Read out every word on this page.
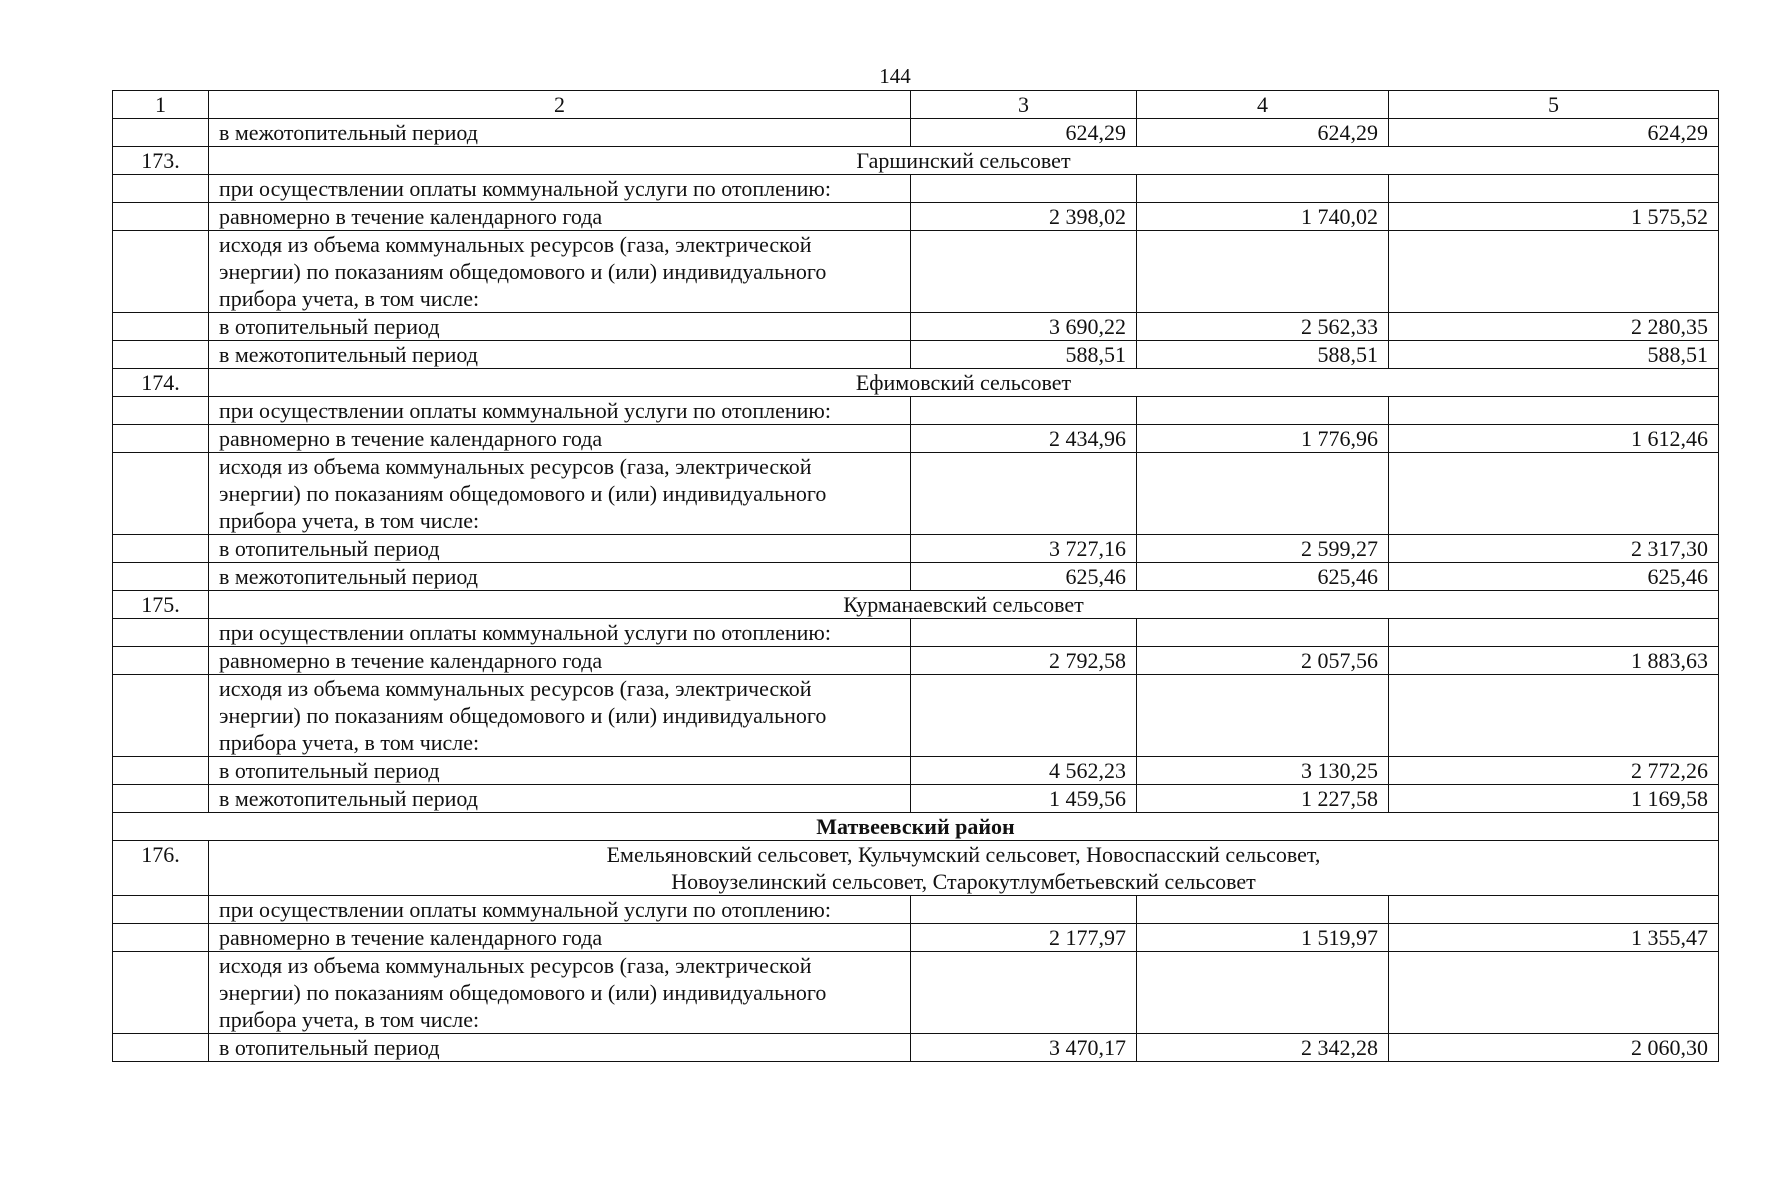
144
1	2	3	4	5
	в межотопительный период	624,29	624,29	624,29
173.	Гаршинский сельсовет			
	при осуществлении оплаты коммунальной услуги по отоплению:			
	равномерно в течение календарного года	2 398,02	1 740,02	1 575,52

	исходя из объема коммунальных ресурсов (газа, электрической
энергии) по показаниям общедомового и (или) индивидуального
прибора учета, в том числе:			

	в отопительный период	3 690,22	2 562,33	2 280,35
	в межотопительный период	588,51	588,51	588,51
174.	Ефимовский сельсовет			
	при осуществлении оплаты коммунальной услуги по отоплению:			
	равномерно в течение календарного года	2 434,96	1 776,96	1 612,46

	исходя из объема коммунальных ресурсов (газа, электрической
энергии) по показаниям общедомового и (или) индивидуального
прибора учета, в том числе:			

	в отопительный период	3 727,16	2 599,27	2 317,30
	в межотопительный период	625,46	625,46	625,46
175.	Курманаевский сельсовет			
	при осуществлении оплаты коммунальной услуги по отоплению:			
	равномерно в течение календарного года	2 792,58	2 057,56	1 883,63

	исходя из объема коммунальных ресурсов (газа, электрической
энергии) по показаниям общедомового и (или) индивидуального
прибора учета, в том числе:			

	в отопительный период	4 562,23	3 130,25	2 772,26
	в межотопительный период	1 459,56	1 227,58	1 169,58
Матвеевский район				
176.	Емельяновский сельсовет, Кульчумский сельсовет, Новоспасский сельсовет,
Новоузелинский сельсовет, Старокутлумбетьевский сельсовет			

	при осуществлении оплаты коммунальной услуги по отоплению:			
	равномерно в течение календарного года	2 177,97	1 519,97	1 355,47

	исходя из объема коммунальных ресурсов (газа, электрической
энергии) по показаниям общедомового и (или) индивидуального
прибора учета, в том числе:			

	в отопительный период	3 470,17	2 342,28	2 060,30
